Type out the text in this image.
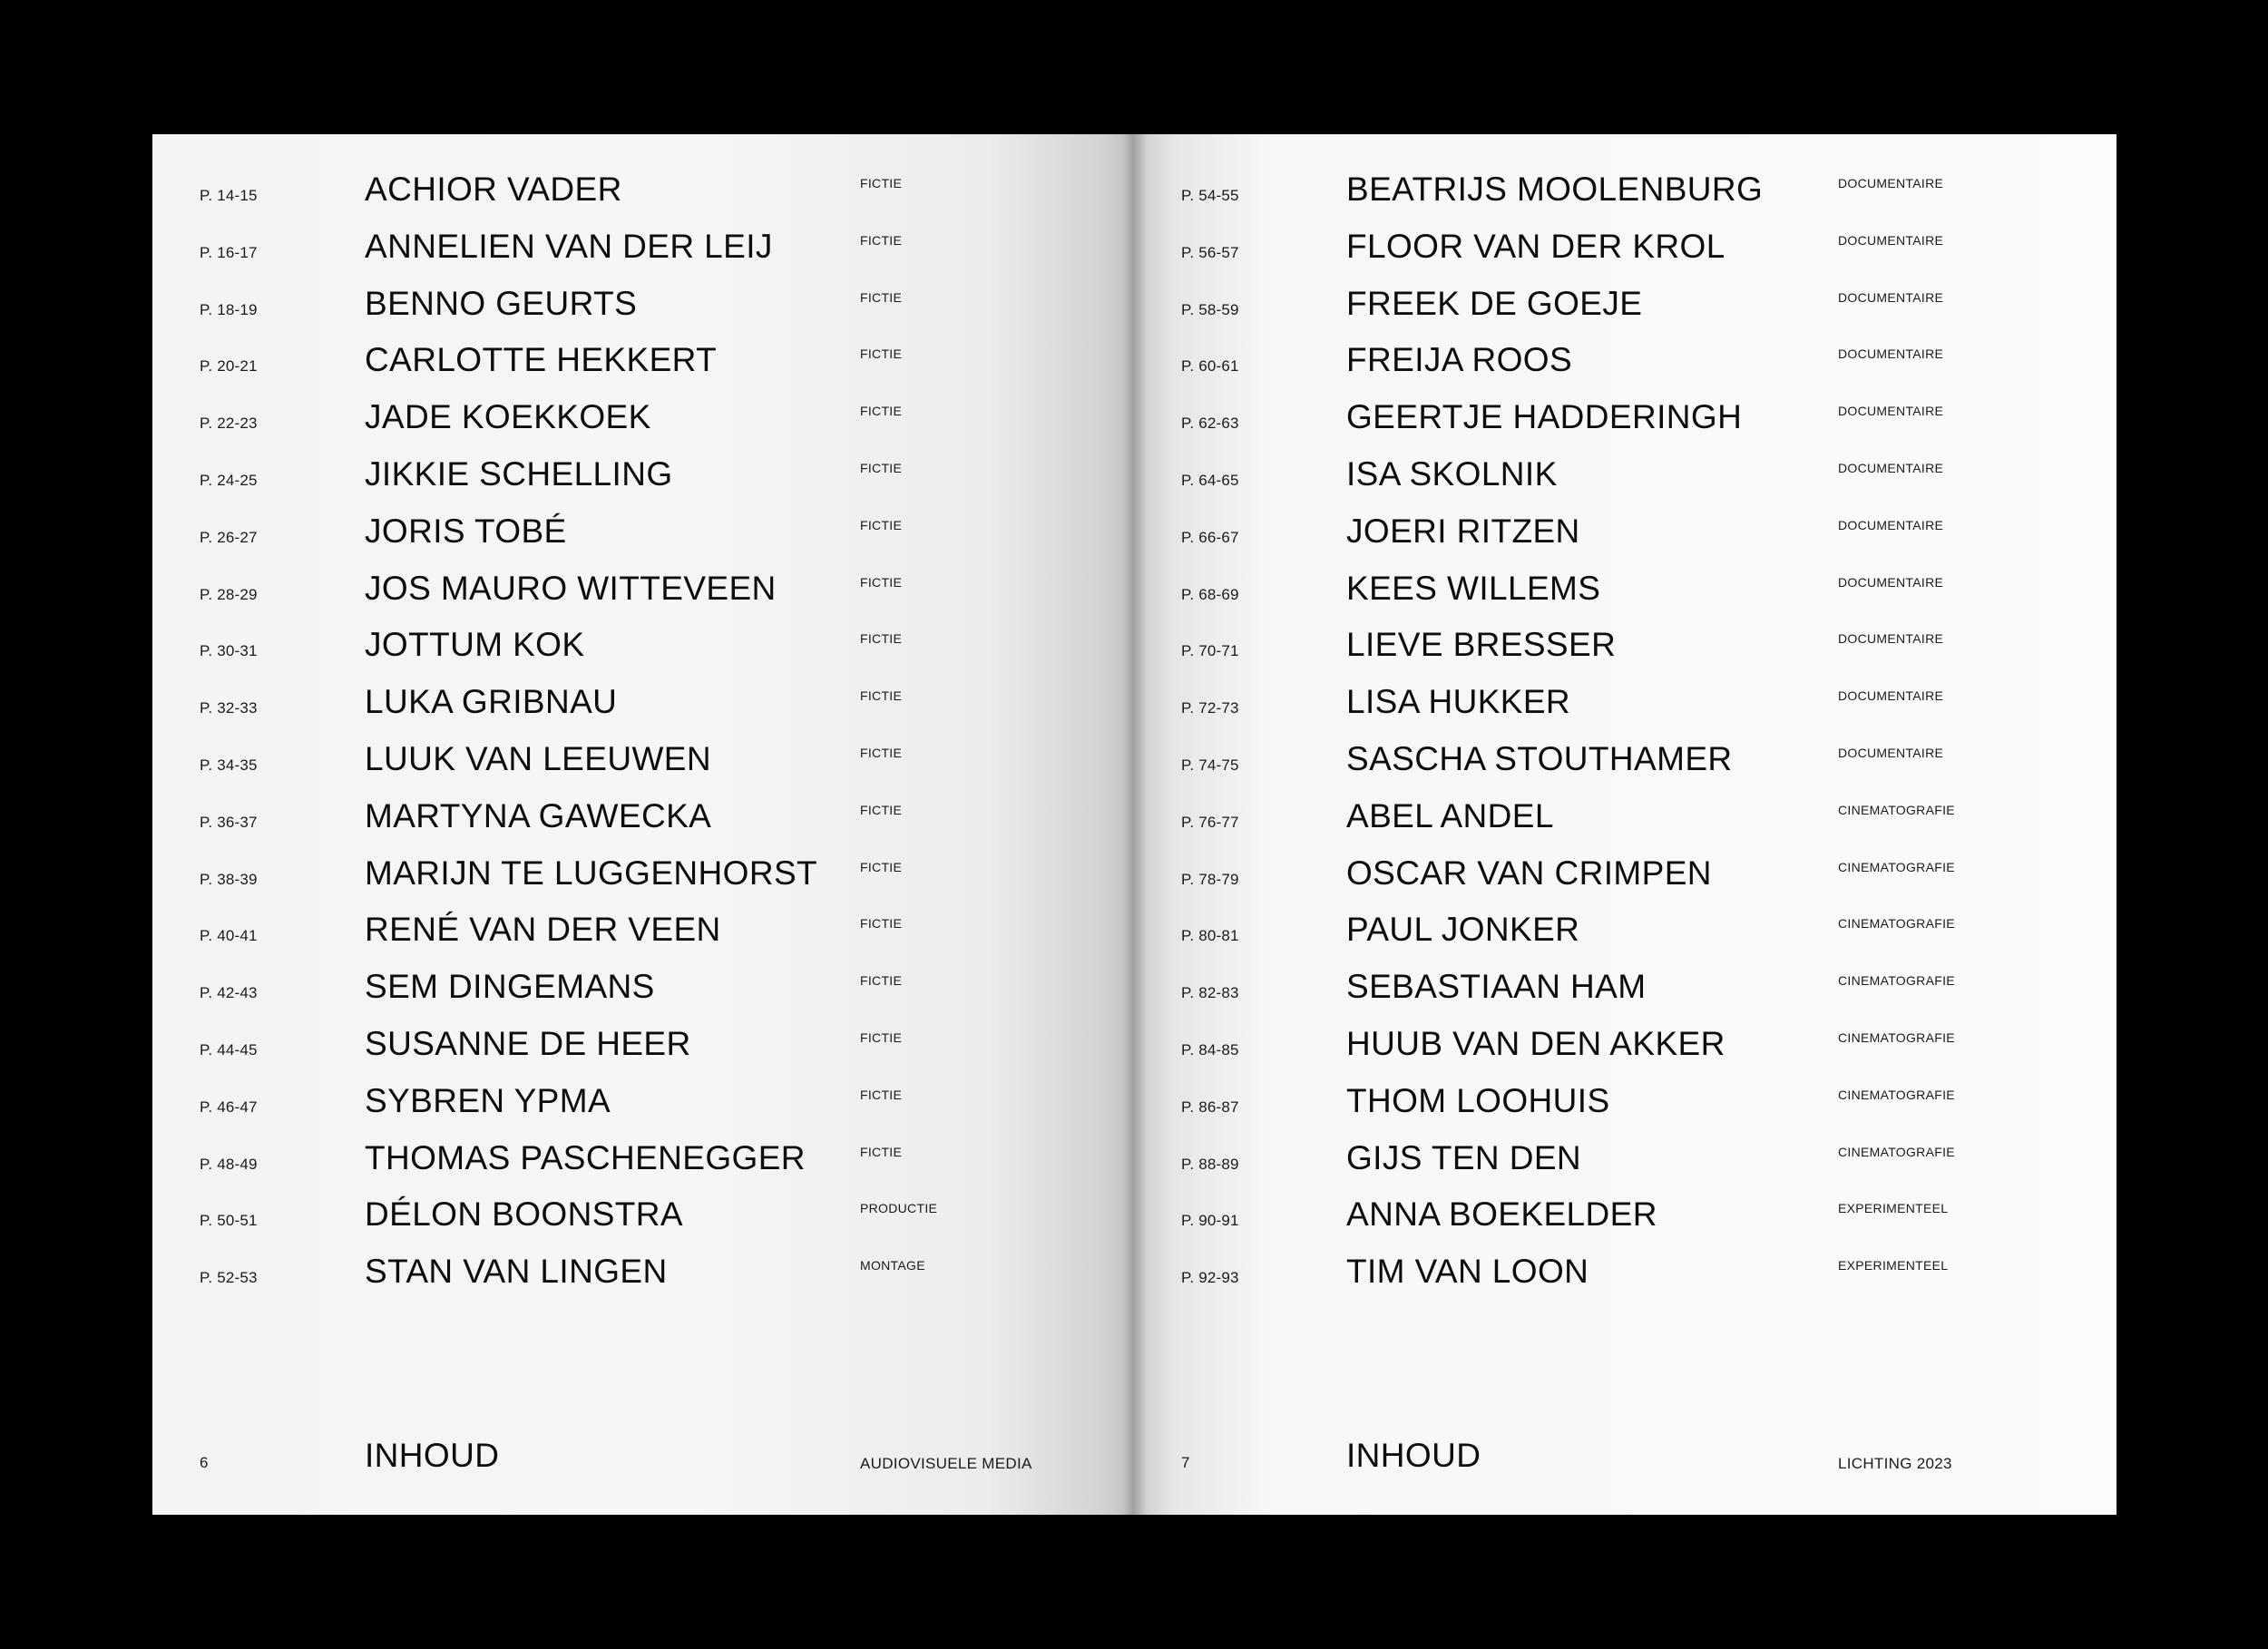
P. 14-15	ACHIOR VADER	FICTIE
P. 16-17	ANNELIEN VAN DER LEIJ	FICTIE
P. 18-19	BENNO GEURTS	FICTIE
P. 20-21	CARLOTTE HEKKERT	FICTIE
P. 22-23	JADE KOEKKOEK	FICTIE
P. 24-25	JIKKIE SCHELLING	FICTIE
P. 26-27	JORIS TOBÉ	FICTIE
P. 28-29	JOS MAURO WITTEVEEN	FICTIE
P. 30-31	JOTTUM KOK	FICTIE
P. 32-33	LUKA GRIBNAU	FICTIE
P. 34-35	LUUK VAN LEEUWEN	FICTIE
P. 36-37	MARTYNA GAWECKA	FICTIE
P. 38-39	MARIJN TE LUGGENHORST	FICTIE
P. 40-41	RENÉ VAN DER VEEN	FICTIE
P. 42-43	SEM DINGEMANS	FICTIE
P. 44-45	SUSANNE DE HEER	FICTIE
P. 46-47	SYBREN YPMA	FICTIE
P. 48-49	THOMAS PASCHENEGGER	FICTIE
P. 50-51	DÉLON BOONSTRA	PRODUCTIE
P. 52-53	STAN VAN LINGEN	MONTAGE
6	INHOUD	AUDIOVISUELE MEDIA
P. 54-55	BEATRIJS MOOLENBURG	DOCUMENTAIRE
P. 56-57	FLOOR VAN DER KROL	DOCUMENTAIRE
P. 58-59	FREEK DE GOEJE	DOCUMENTAIRE
P. 60-61	FREIJA ROOS	DOCUMENTAIRE
P. 62-63	GEERTJE HADDERINGH	DOCUMENTAIRE
P. 64-65	ISA SKOLNIK	DOCUMENTAIRE
P. 66-67	JOERI RITZEN	DOCUMENTAIRE
P. 68-69	KEES WILLEMS	DOCUMENTAIRE
P. 70-71	LIEVE BRESSER	DOCUMENTAIRE
P. 72-73	LISA HUKKER	DOCUMENTAIRE
P. 74-75	SASCHA STOUTHAMER	DOCUMENTAIRE
P. 76-77	ABEL ANDEL	CINEMATOGRAFIE
P. 78-79	OSCAR VAN CRIMPEN	CINEMATOGRAFIE
P. 80-81	PAUL JONKER	CINEMATOGRAFIE
P. 82-83	SEBASTIAAN HAM	CINEMATOGRAFIE
P. 84-85	HUUB VAN DEN AKKER	CINEMATOGRAFIE
P. 86-87	THOM LOOHUIS	CINEMATOGRAFIE
P. 88-89	GIJS TEN DEN	CINEMATOGRAFIE
P. 90-91	ANNA BOEKELDER	EXPERIMENTEEL
P. 92-93	TIM VAN LOON	EXPERIMENTEEL
7	INHOUD	LICHTING 2023
